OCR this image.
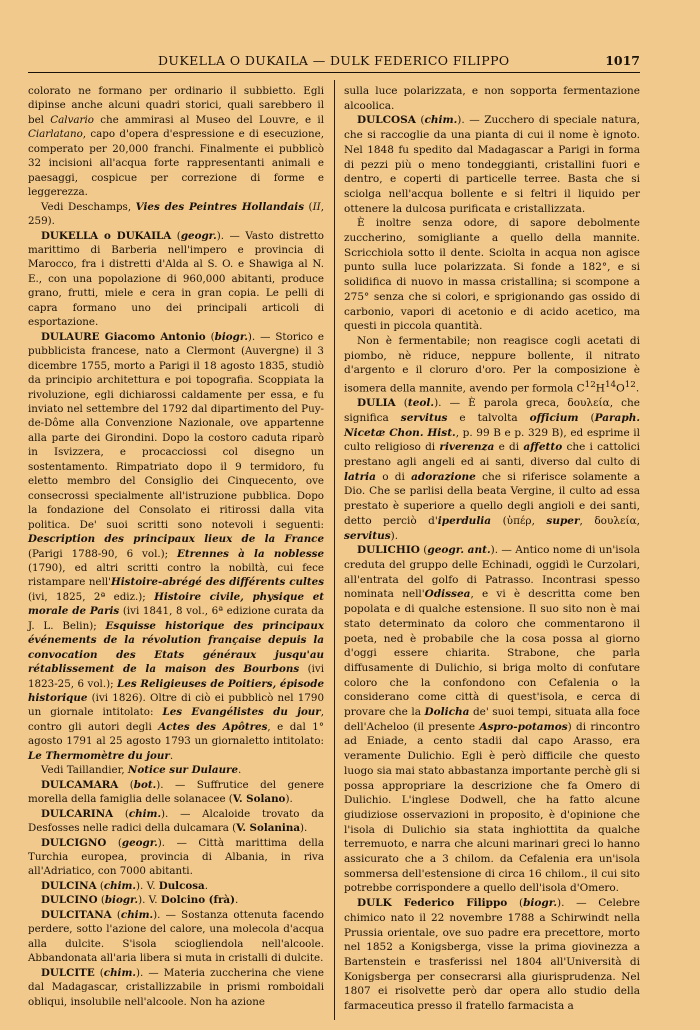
DUKELLA O DUKAILA — DULK FEDERICO FILIPPO	1017

colorato ne formano per ordinario il subbietto. Egli dipinse anche alcuni quadri storici, quali sarebbero il bel Calvario che ammirasi al Museo del Louvre, e il Ciarlatano, capo d'opera d'espressione e di esecuzione, comperato per 20,000 franchi. Finalmente ei pubblicò 32 incisioni all'acqua forte rappresentanti animali e paesaggi, cospicue per correzione di forme e leggerezza.

Vedi Deschamps, Vies des Peintres Hollandais (II, 259).

DUKELLA o DUKAILA (geogr.). — Vasto distretto marittimo di Barberia nell'impero e provincia di Marocco, fra i distretti d'Alda al S. O. e Shawiga al N. E., con una popolazione di 960,000 abitanti, produce grano, frutti, miele e cera in gran copia. Le pelli di capra formano uno dei principali articoli di esportazione.

DULAURE Giacomo Antonio (biogr.). — Storico e pubblicista francese, nato a Clermont (Auvergne) il 3 dicembre 1755, morto a Parigi il 18 agosto 1835, studiò da principio architettura e poi topografia. Scoppiata la rivoluzione, egli dichiarossi caldamente per essa, e fu inviato nel settembre del 1792 dal dipartimento del Puy-de-Dôme alla Convenzione Nazionale, ove appartenne alla parte dei Girondini. Dopo la costoro caduta riparò in Isvizzera, e procacciossi col disegno un sostentamento. Rimpatriato dopo il 9 termidoro, fu eletto membro del Consiglio dei Cinquecento, ove consecrossi specialmente all'istruzione pubblica. Dopo la fondazione del Consolato ei ritirossi dalla vita politica. De' suoi scritti sono notevoli i seguenti: Description des principaux lieux de la France (Parigi 1788-90, 6 vol.); Etrennes à la noblesse (1790), ed altri scritti contro la nobiltà, cui fece ristampare nell'Histoire-abrégé des différents cultes (ivi, 1825, 2ª ediz.); Histoire civile, physique et morale de Paris (ivi 1841, 8 vol., 6ª edizione curata da J. L. Belin); Esquisse historique des principaux événements de la révolution française depuis la convocation des Etats généraux jusqu'au rétablissement de la maison des Bourbons (ivi 1823-25, 6 vol.); Les Religieuses de Poitiers, épisode historique (ivi 1826). Oltre di ciò ei pubblicò nel 1790 un giornale intitolato: Les Evangélistes du jour, contro gli autori degli Actes des Apôtres, e dal 1° agosto 1791 al 25 agosto 1793 un giornaletto intitolato: Le Thermomètre du jour.

Vedi Taillandier, Notice sur Dulaure.

DULCAMARA (bot.). — Suffrutice del genere morella della famiglia delle solanacee (V. Solano).

DULCARINA (chim.). — Alcaloide trovato da Desfosses nelle radici della dulcamara (V. Solanina).

DULCIGNO (geogr.). — Città marittima della Turchia europea, provincia di Albania, in riva all'Adriatico, con 7000 abitanti.

DULCINA (chim.). V. Dulcosa.

DULCINO (biogr.). V. Dolcino (frà).

DULCITANA (chim.). — Sostanza ottenuta facendo perdere, sotto l'azione del calore, una molecola d'acqua alla dulcite. S'isola sciogliendola nell'alcoole. Abbandonata all'aria libera si muta in cristalli di dulcite.

DULCITE (chim.). — Materia zuccherina che viene dal Madagascar, cristallizzabile in prismi romboidali obliqui, insolubile nell'alcoole. Non ha azione

sulla luce polarizzata, e non sopporta fermentazione alcoolica.

DULCOSA (chim.). — Zucchero di speciale natura, che si raccoglie da una pianta di cui il nome è ignoto. Nel 1848 fu spedito dal Madagascar a Parigi in forma di pezzi più o meno tondeggianti, cristallini fuori e dentro, e coperti di particelle terree. Basta che si sciolga nell'acqua bollente e si feltri il liquido per ottenere la dulcosa purificata e cristallizzata.

È inoltre senza odore, di sapore debolmente zuccherino, somigliante a quello della mannite. Scricchiola sotto il dente. Sciolta in acqua non agisce punto sulla luce polarizzata. Si fonde a 182°, e si solidifica di nuovo in massa cristallina; si scompone a 275° senza che si colori, e sprigionando gas ossido di carbonio, vapori di acetonio e di acido acetico, ma questi in piccola quantità.

Non è fermentabile; non reagisce cogli acetati di piombo, nè riduce, neppure bollente, il nitrato d'argento e il cloruro d'oro. Per la composizione è isomera della mannite, avendo per formola $C^{12}H^{14}O^{12}$.

DULIA (teol.). — È parola greca, δουλεία, che significa servitus e talvolta officium (Paraph. Nicetæ Chon. Hist., p. 99 B e p. 329 B), ed esprime il culto religioso di riverenza e di affetto che i cattolici prestano agli angeli ed ai santi, diverso dal culto di latria o di adorazione che si riferisce solamente a Dio. Che se parlisi della beata Vergine, il culto ad essa prestato è superiore a quello degli angioli e dei santi, detto perciò d'iperdulia (ὑπέρ, super, δουλεία, servitus).

DULICHIO (geogr. ant.). — Antico nome di un'isola creduta del gruppo delle Echinadi, oggidì le Curzolari, all'entrata del golfo di Patrasso. Incontrasi spesso nominata nell'Odissea, e vi è descritta come ben popolata e di qualche estensione. Il suo sito non è mai stato determinato da coloro che commentarono il poeta, ned è probabile che la cosa possa al giorno d'oggi essere chiarita. Strabone, che parla diffusamente di Dulichio, si briga molto di confutare coloro che la confondono con Cefalenia o la considerano come città di quest'isola, e cerca di provare che la Dolicha de' suoi tempi, situata alla foce dell'Acheloo (il presente Aspro-potamos) di rincontro ad Eniade, a cento stadii dal capo Arasso, era veramente Dulichio. Egli è però difficile che questo luogo sia mai stato abbastanza importante perchè gli si possa appropriare la descrizione che fa Omero di Dulichio. L'inglese Dodwell, che ha fatto alcune giudiziose osservazioni in proposito, è d'opinione che l'isola di Dulichio sia stata inghiottita da qualche terremuoto, e narra che alcuni marinari greci lo hanno assicurato che a 3 chilom. da Cefalenia era un'isola sommersa dell'estensione di circa 16 chilom., il cui sito potrebbe corrispondere a quello dell'isola d'Omero.

DULK Federico Filippo (biogr.). — Celebre chimico nato il 22 novembre 1788 a Schirwindt nella Prussia orientale, ove suo padre era precettore, morto nel 1852 a Konigsberga, visse la prima giovinezza a Bartenstein e trasferissi nel 1804 all'Università di Konigsberga per consecrarsi alla giurisprudenza. Nel 1807 ei risolvette però dar opera allo studio della farmaceutica presso il fratello farmacista a
